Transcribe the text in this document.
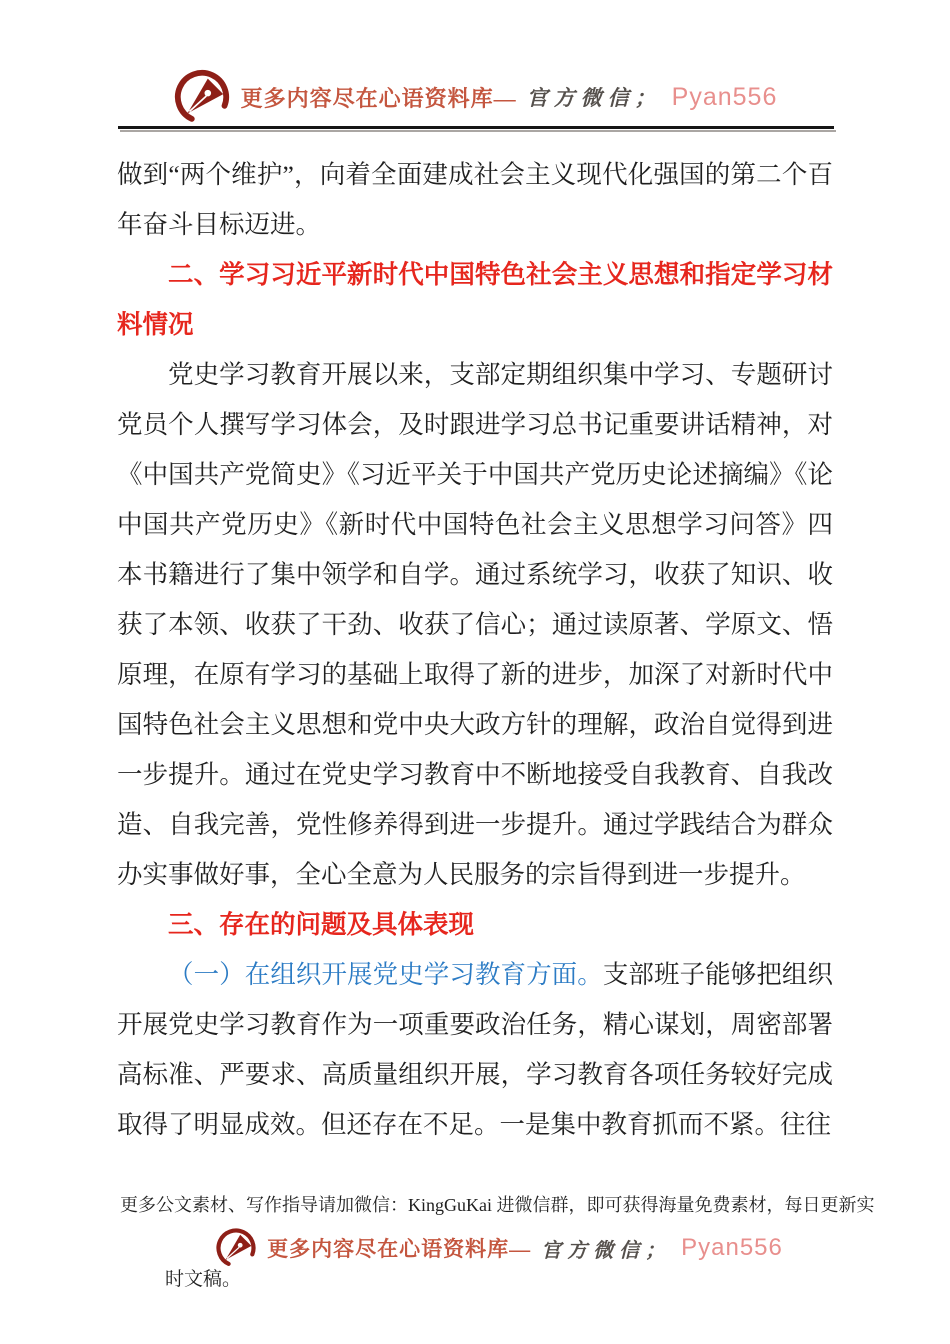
更多内容尽在心语资料库— 官方微信； Pyan556

做到“两个维护”，向着全面建成社会主义现代化强国的第二个百年奋斗目标迈进。

二、学习习近平新时代中国特色社会主义思想和指定学习材料情况

党史学习教育开展以来，支部定期组织集中学习、专题研讨党员个人撰写学习体会，及时跟进学习总书记重要讲话精神，对《中国共产党简史》《习近平关于中国共产党历史论述摘编》《论中国共产党历史》《新时代中国特色社会主义思想学习问答》四本书籍进行了集中领学和自学。通过系统学习，收获了知识、收获了本领、收获了干劲、收获了信心；通过读原著、学原文、悟原理，在原有学习的基础上取得了新的进步，加深了对新时代中国特色社会主义思想和党中央大政方针的理解，政治自觉得到进一步提升。通过在党史学习教育中不断地接受自我教育、自我改造、自我完善，党性修养得到进一步提升。通过学践结合为群众办实事做好事，全心全意为人民服务的宗旨得到进一步提升。

三、存在的问题及具体表现

（一）在组织开展党史学习教育方面。支部班子能够把组织开展党史学习教育作为一项重要政治任务，精心谋划，周密部署高标准、严要求、高质量组织开展，学习教育各项任务较好完成取得了明显成效。但还存在不足。一是集中教育抓而不紧。往往

更多公文素材、写作指导请加微信：KingGuKai 进微信群，即可获得海量免费素材，每日更新实
更多内容尽在心语资料库— 官方微信； Pyan556
时文稿。
